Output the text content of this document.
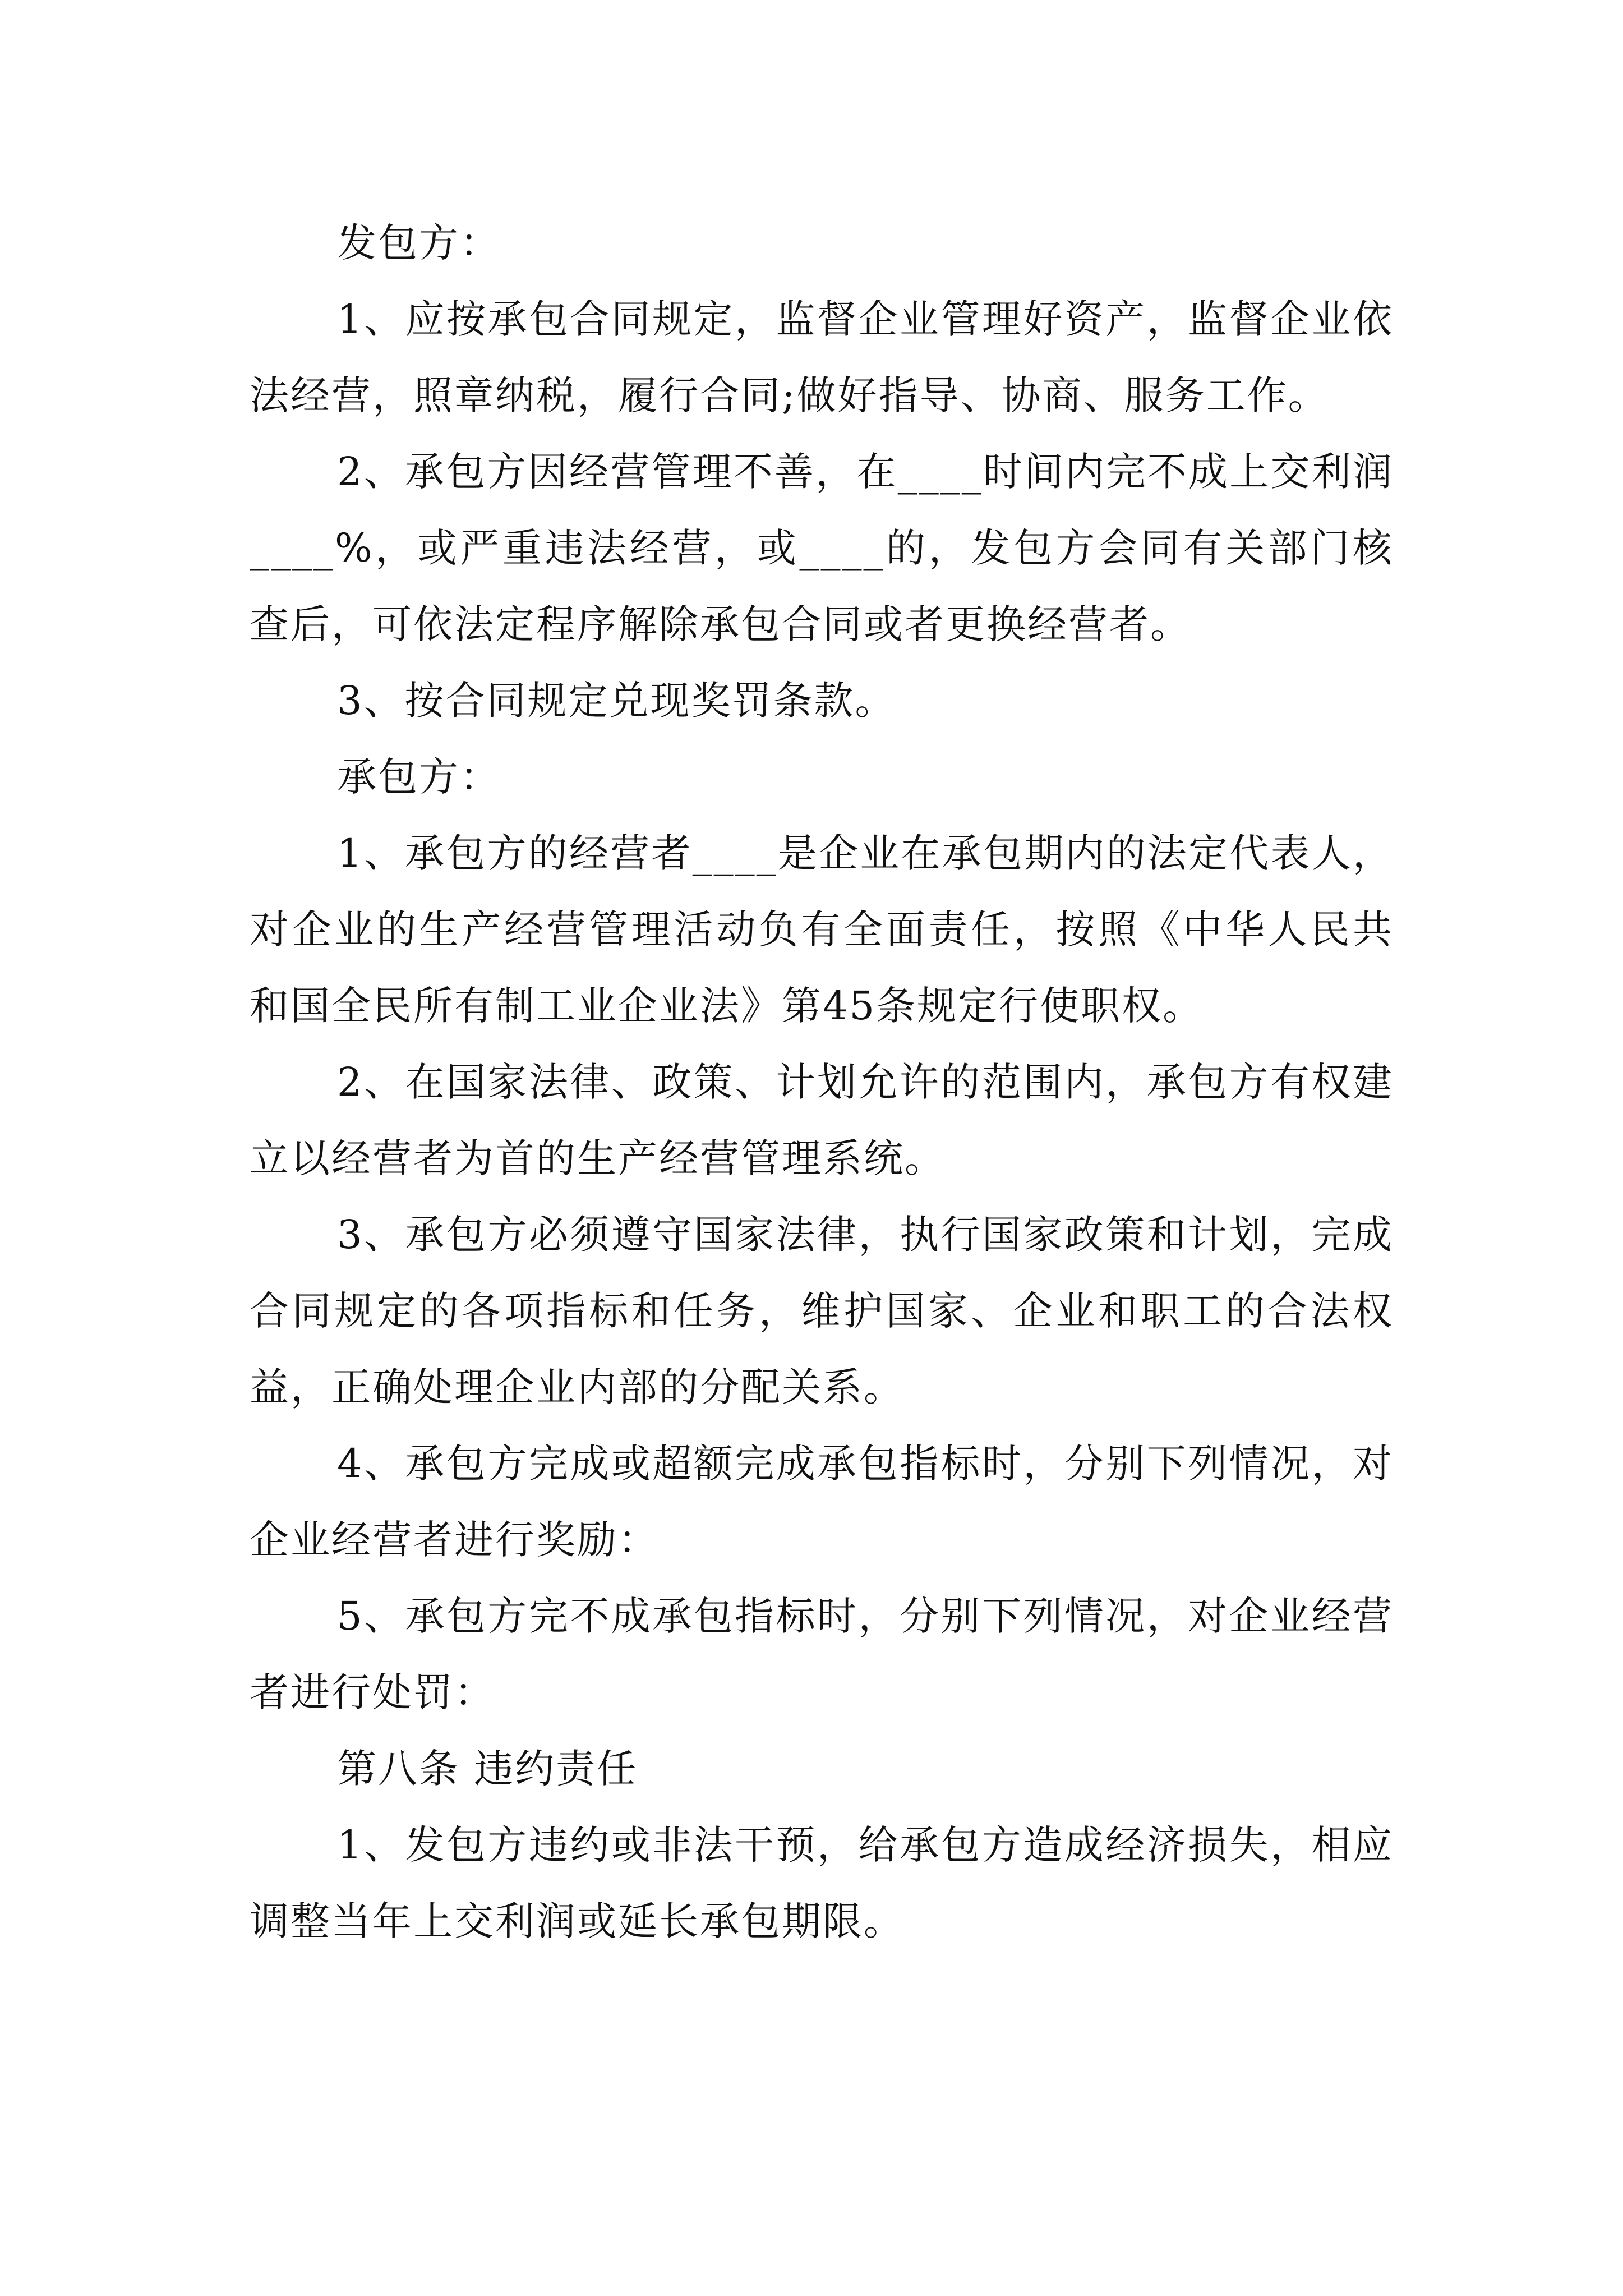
发包方：

1、应按承包合同规定，监督企业管理好资产，监督企业依法经营，照章纳税，履行合同;做好指导、协商、服务工作。

2、承包方因经营管理不善，在____时间内完不成上交利润____%，或严重违法经营，或____的，发包方会同有关部门核查后，可依法定程序解除承包合同或者更换经营者。

3、按合同规定兑现奖罚条款。

承包方：

1、承包方的经营者____是企业在承包期内的法定代表人，对企业的生产经营管理活动负有全面责任，按照《中华人民共和国全民所有制工业企业法》第45条规定行使职权。

2、在国家法律、政策、计划允许的范围内，承包方有权建立以经营者为首的生产经营管理系统。

3、承包方必须遵守国家法律，执行国家政策和计划，完成合同规定的各项指标和任务，维护国家、企业和职工的合法权益，正确处理企业内部的分配关系。

4、承包方完成或超额完成承包指标时，分别下列情况，对企业经营者进行奖励：

5、承包方完不成承包指标时，分别下列情况，对企业经营者进行处罚：

第八条 违约责任

1、发包方违约或非法干预，给承包方造成经济损失，相应调整当年上交利润或延长承包期限。
